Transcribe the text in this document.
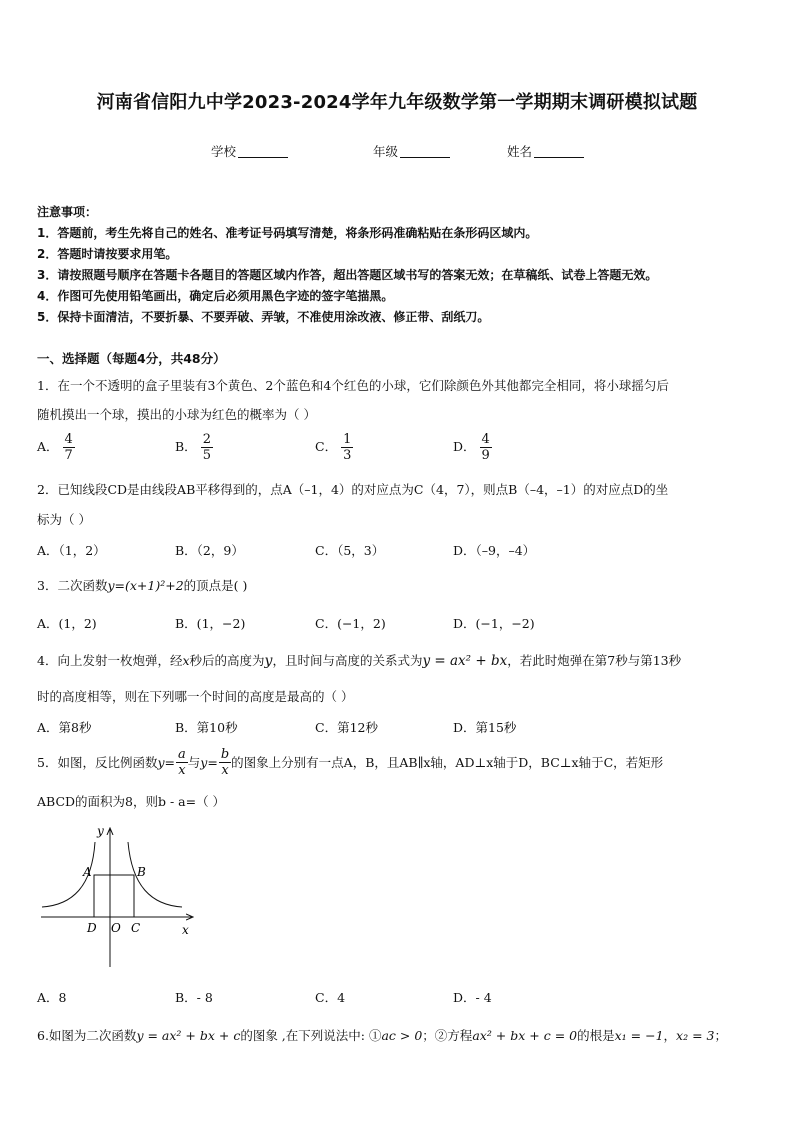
河南省信阳九中学2023-2024学年九年级数学第一学期期末调研模拟试题
学校	年级	姓名
注意事项：
1．答题前，考生先将自己的姓名、准考证号码填写清楚，将条形码准确粘贴在条形码区域内。
2．答题时请按要求用笔。
3．请按照题号顺序在答题卡各题目的答题区域内作答，超出答题区域书写的答案无效；在草稿纸、试卷上答题无效。
4．作图可先使用铅笔画出，确定后必须用黑色字迹的签字笔描黑。
5．保持卡面清洁，不要折暴、不要弄破、弄皱，不准使用涂改液、修正带、刮纸刀。
一、选择题（每题4分，共48分）
1．在一个不透明的盒子里装有3个黄色、2个蓝色和4个红色的小球，它们除颜色外其他都完全相同，将小球摇匀后
随机摸出一个球，摸出的小球为红色的概率为（ ）
A． $\frac{4}{7}$	B． $\frac{2}{5}$	C． $\frac{1}{3}$	D． $\frac{4}{9}$
2．已知线段CD是由线段AB平移得到的，点A（–1，4）的对应点为C（4，7），则点B（–4，–1）的对应点D的坐
标为（ ）
A．（1，2）	B．（2，9）	C．（5，3）	D．（–9，–4）
3．二次函数y=(x+1)²+2的顶点是( )
A．(1，2)	B．(1，−2)	C．(−1，2)	D．(−1，−2)
4．向上发射一枚炮弹，经x秒后的高度为y，且时间与高度的关系式为y = ax² + bx，若此时炮弹在第7秒与第13秒
时的高度相等，则在下列哪一个时间的高度是最高的（ ）
A．第8秒	B．第10秒	C．第12秒	D．第15秒
5．如图，反比例函数 $y= \frac{a}{x}$ 与 $y= \frac{b}{x}$ 的图象上分别有一点A，B，且AB∥x轴，AD⊥x轴于D，BC⊥x轴于C，若矩形
ABCD的面积为8，则b - a=（ ）
y
x
A	B
D O C
A．8	B．- 8	C．4	D．- 4
6.如图为二次函数y = ax² + bx + c的图象 ,在下列说法中: ①ac > 0；②方程ax² + bx + c = 0的根是x₁ = −1，x₂ = 3；
